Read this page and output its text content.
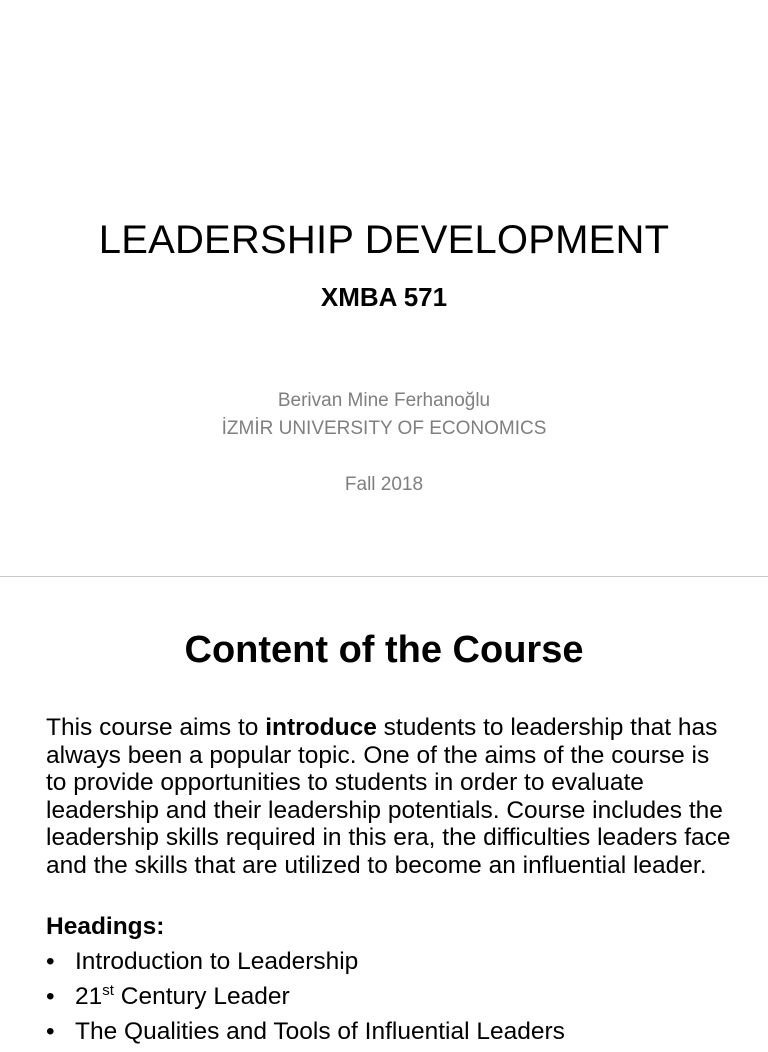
LEADERSHIP DEVELOPMENT
XMBA 571
Berivan Mine Ferhanoğlu
İZMİR UNIVERSITY OF ECONOMICS
Fall 2018
Content of the Course
This course aims to introduce students to leadership that has always been a popular topic. One of the aims of the course is to provide opportunities to students in order to evaluate leadership and their leadership potentials. Course includes the leadership skills required in this era, the difficulties leaders face and the skills that are utilized to become an influential leader.
Headings:
• Introduction to Leadership
• 21st Century Leader
• The Qualities and Tools of Influential Leaders
